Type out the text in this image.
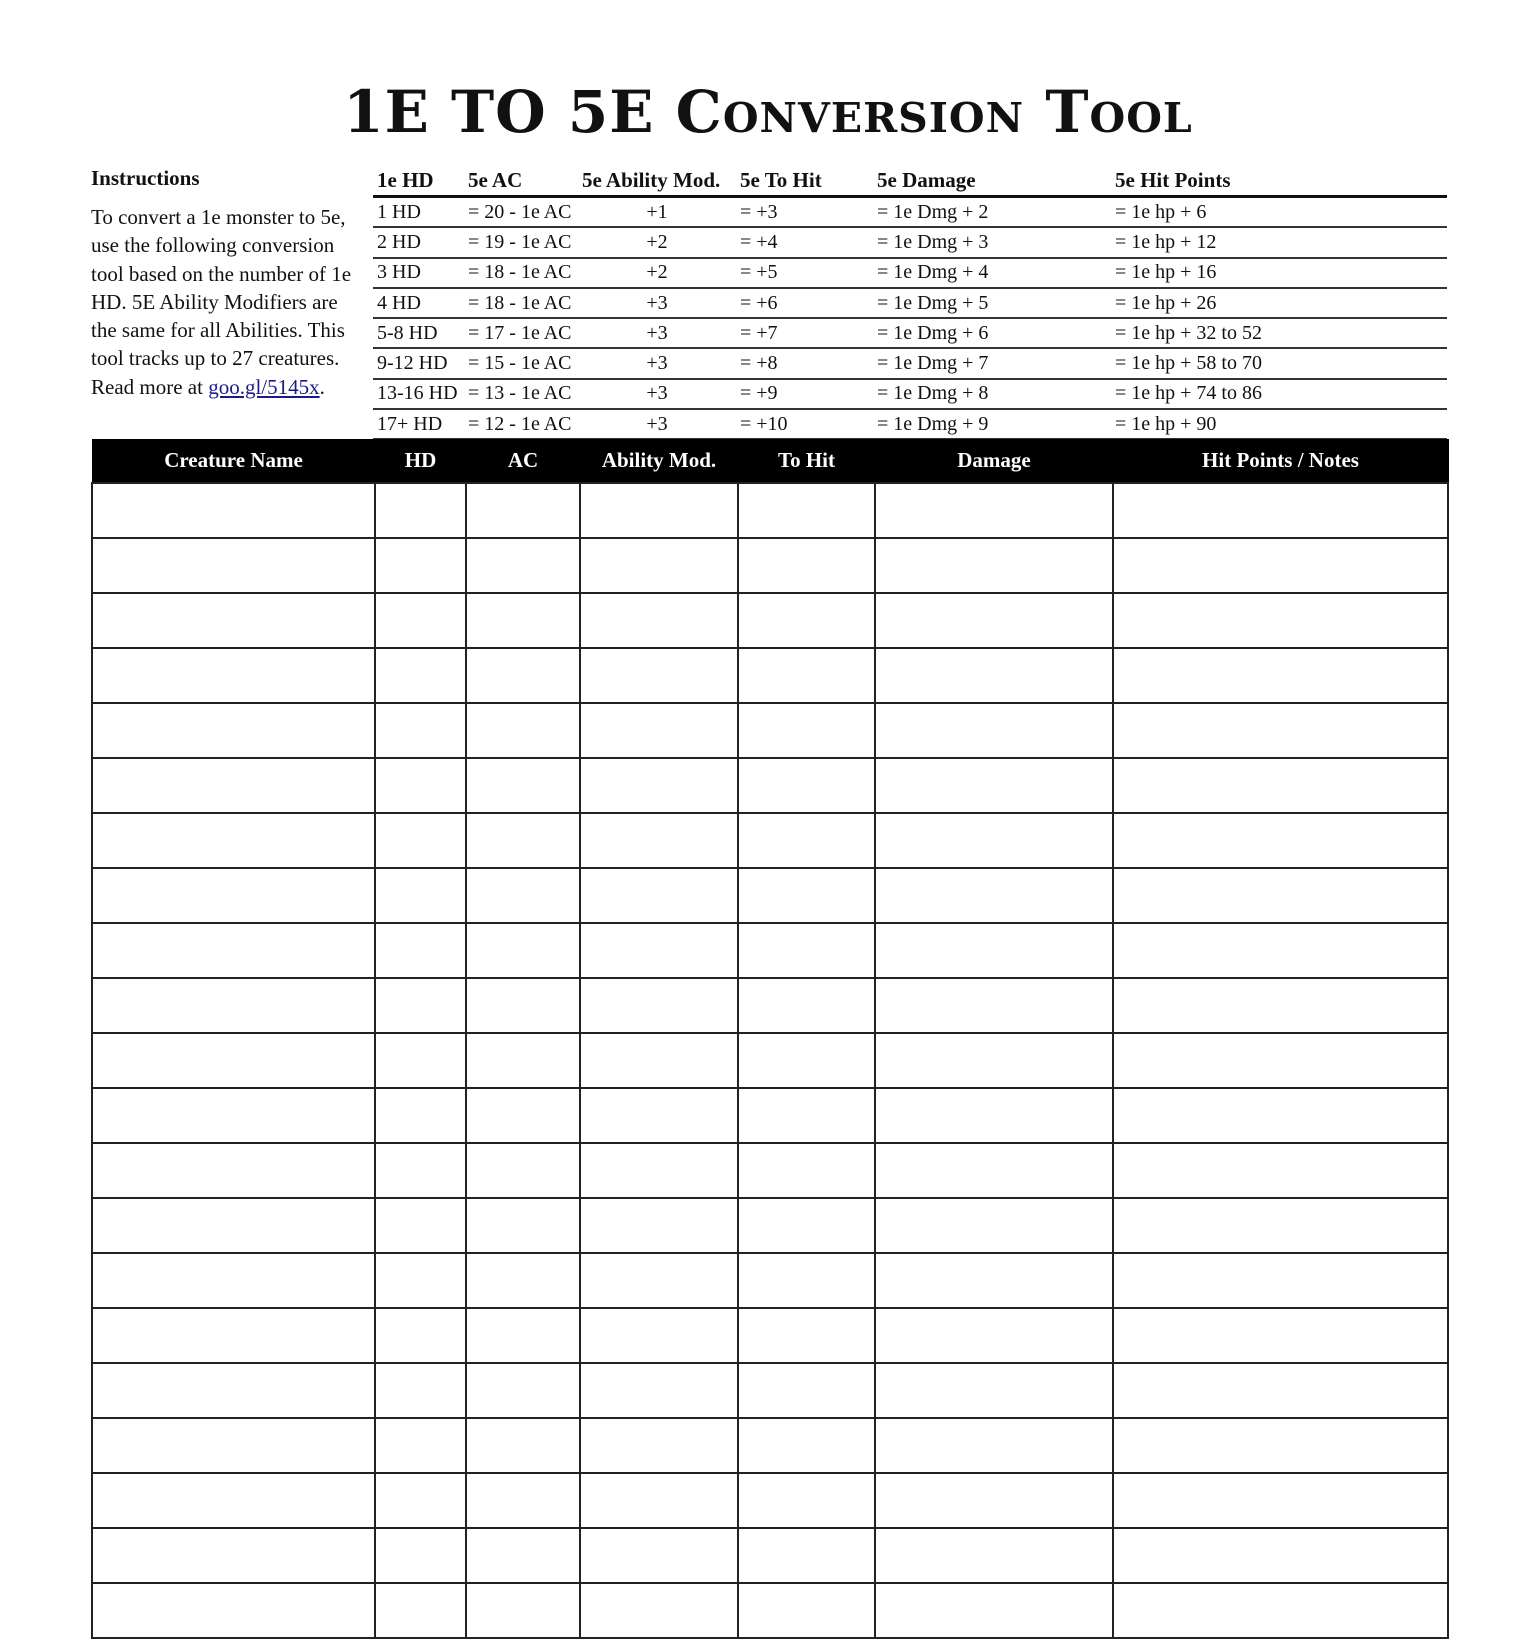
1E TO 5E Conversion Tool
Instructions

To convert a 1e monster to 5e, use the following conversion tool based on the number of 1e HD. 5E Ability Modifiers are the same for all Abilities. This tool tracks up to 27 creatures. Read more at goo.gl/5145x.

1e HD	5e AC	5e Ability Mod.	5e To Hit	5e Damage	5e Hit Points
1 HD	= 20 - 1e AC	+1	= +3	= 1e Dmg + 2	= 1e hp + 6
2 HD	= 19 - 1e AC	+2	= +4	= 1e Dmg + 3	= 1e hp + 12
3 HD	= 18 - 1e AC	+2	= +5	= 1e Dmg + 4	= 1e hp + 16
4 HD	= 18 - 1e AC	+3	= +6	= 1e Dmg + 5	= 1e hp + 26
5-8 HD	= 17 - 1e AC	+3	= +7	= 1e Dmg + 6	= 1e hp + 32 to 52
9-12 HD	= 15 - 1e AC	+3	= +8	= 1e Dmg + 7	= 1e hp + 58 to 70
13-16 HD	= 13 - 1e AC	+3	= +9	= 1e Dmg + 8	= 1e hp + 74 to 86
17+ HD	= 12 - 1e AC	+3	= +10	= 1e Dmg + 9	= 1e hp + 90
Creature Name	HD	AC	Ability Mod.	To Hit	Damage	Hit Points / Notes
